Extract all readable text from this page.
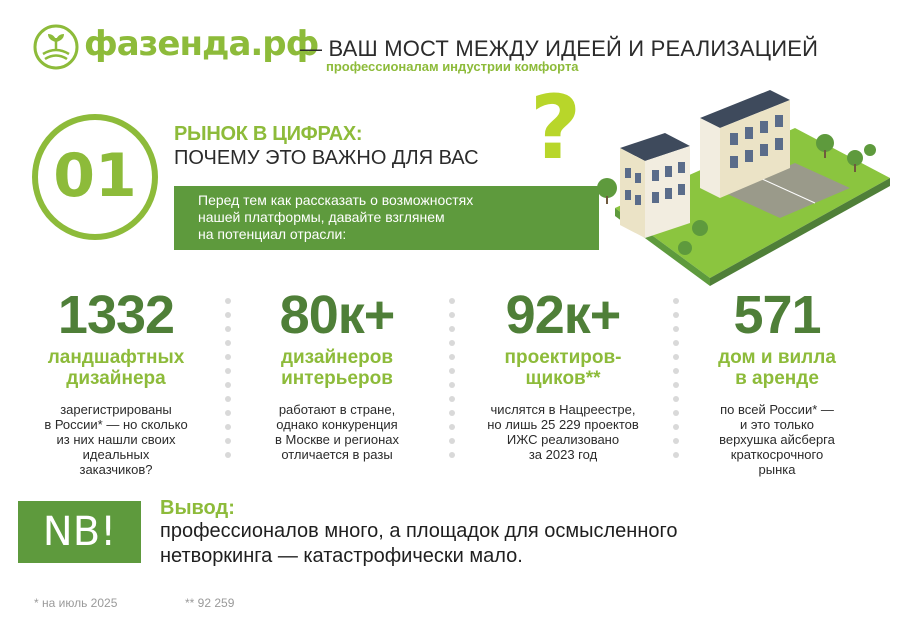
фазенда.рф
— ВАШ МОСТ МЕЖДУ ИДЕЕЙ И РЕАЛИЗАЦИЕЙ
профессионалам индустрии комфорта
01
РЫНОК В ЦИФРАХ:
ПОЧЕМУ ЭТО ВАЖНО ДЛЯ ВАС ?
Перед тем как рассказать о возможностях
нашей платформы, давайте взглянем
на потенциал отрасли:
1332
ландшафтных
дизайнера
зарегистрированы
в России* — но сколько
из них нашли своих
идеальных
заказчиков?
80к+
дизайнеров
интерьеров
работают в стране,
однако конкуренция
в Москве и регионах
отличается в разы
92к+
проектиров-
щиков**
числятся в Нацреестре,
но лишь 25 229 проектов
ИЖС реализовано
за 2023 год
571
дом и вилла
в аренде
по всей России* —
и это только
верхушка айсберга
краткосрочного
рынка
NB!
Вывод:
профессионалов много, а площадок для осмысленного
нетворкинга — катастрофически мало.
* на июль 2025	** 92 259
